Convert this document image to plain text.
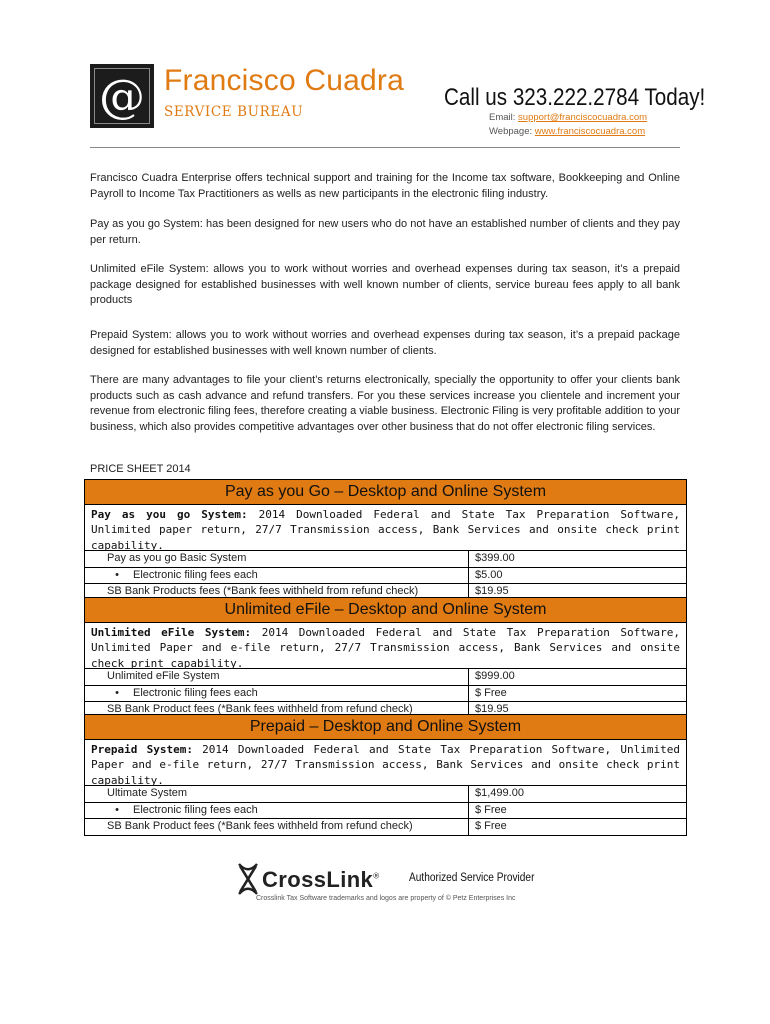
@ Francisco Cuadra
SERVICE BUREAU
Call us 323.222.2784 Today!
Email: support@franciscocuadra.com
Webpage: www.franciscocuadra.com
Francisco Cuadra Enterprise offers technical support and training for the Income tax software, Bookkeeping and Online Payroll to Income Tax Practitioners as wells as new participants in the electronic filing industry.
Pay as you go System: has been designed for new users who do not have an established number of clients and they pay per return.
Unlimited eFile System: allows you to work without worries and overhead expenses during tax season, it’s a prepaid package designed for established businesses with well known number of clients, service bureau fees apply to all bank products
Prepaid System: allows you to work without worries and overhead expenses during tax season, it’s a prepaid package designed for established businesses with well known number of clients.
There are many advantages to file your client’s returns electronically, specially the opportunity to offer your clients bank products such as cash advance and refund transfers. For you these services increase you clientele and increment your revenue from electronic filing fees, therefore creating a viable business. Electronic Filing is very profitable addition to your business, which also provides competitive advantages over other business that do not offer electronic filing services.
PRICE SHEET 2014
Pay as you Go – Desktop and Online System
Pay as you go System: 2014 Downloaded Federal and State Tax Preparation Software, Unlimited paper return, 27/7 Transmission access, Bank Services and onsite check print capability.
Pay as you go Basic System	$399.00
• Electronic filing fees each	$5.00
SB Bank Products fees (*Bank fees withheld from refund check)	$19.95
Unlimited eFile – Desktop and Online System
Unlimited eFile System: 2014 Downloaded Federal and State Tax Preparation Software, Unlimited Paper and e-file return, 27/7 Transmission access, Bank Services and onsite check print capability.
Unlimited eFile System	$999.00
• Electronic filing fees each	$ Free
SB Bank Product fees (*Bank fees withheld from refund check)	$19.95
Prepaid – Desktop and Online System
Prepaid System: 2014 Downloaded Federal and State Tax Preparation Software, Unlimited Paper and e-file return, 27/7 Transmission access, Bank Services and onsite check print capability.
Ultimate System	$1,499.00
• Electronic filing fees each	$ Free
SB Bank Product fees (*Bank fees withheld from refund check)	$ Free
CrossLink®	Authorized Service Provider
Crosslink Tax Software trademarks and logos are property of © Petz Enterprises Inc
